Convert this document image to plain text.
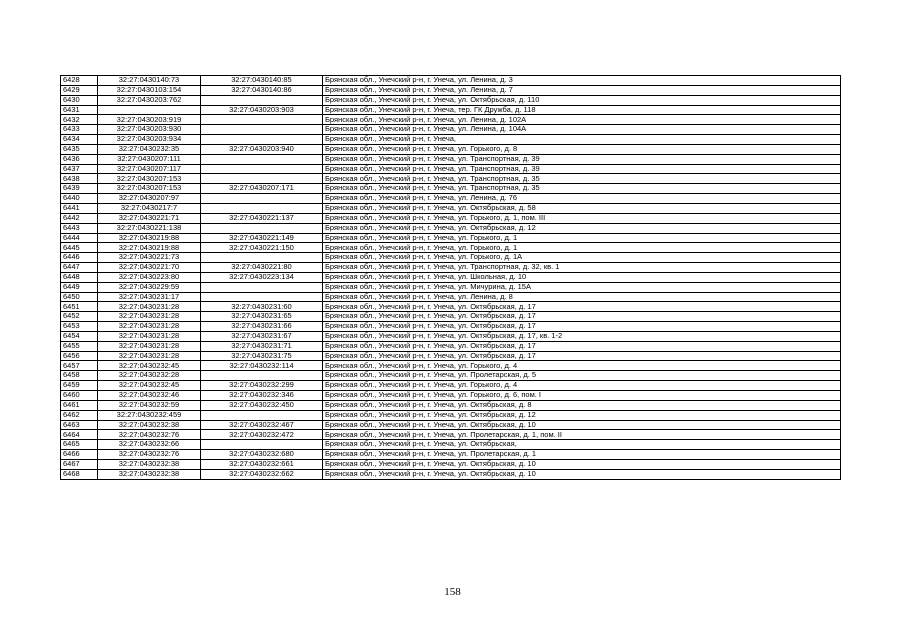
6428	32:27:0430140:73	32:27:0430140:85	Брянская обл., Унечский р-н, г. Унеча, ул. Ленина, д. 3
6429	32:27:0430103:154	32:27:0430140:86	Брянская обл., Унечский р-н, г. Унеча, ул. Ленина, д. 7
6430	32:27:0430203:762		Брянская обл., Унечский р-н, г. Унеча, ул. Октябрьская, д. 110
6431		32:27:0430203:903	Брянская обл., Унечский р-н, г. Унеча, тер. ГК Дружба, д. 118
6432	32:27:0430203:919		Брянская обл., Унечский р-н, г. Унеча, ул. Ленина, д. 102А
6433	32:27:0430203:930		Брянская обл., Унечский р-н, г. Унеча, ул. Ленина, д. 104А
6434	32:27:0430203:934		Брянская обл., Унечский р-н, г. Унеча,
6435	32:27:0430232:35	32:27:0430203:940	Брянская обл., Унечский р-н, г. Унеча, ул. Горького, д. 8
6436	32:27:0430207:111		Брянская обл., Унечский р-н, г. Унеча, ул. Транспортная, д. 39
6437	32:27:0430207:117		Брянская обл., Унечский р-н, г. Унеча, ул. Транспортная, д. 39
6438	32:27:0430207:153		Брянская обл., Унечский р-н, г. Унеча, ул. Транспортная, д. 35
6439	32:27:0430207:153	32:27:0430207:171	Брянская обл., Унечский р-н, г. Унеча, ул. Транспортная, д. 35
6440	32:27:0430207:97		Брянская обл., Унечский р-н, г. Унеча, ул. Ленина, д. 76
6441	32:27:0430217:7		Брянская обл., Унечский р-н, г. Унеча, ул. Октябрьская, д. 58
6442	32:27:0430221:71	32:27:0430221:137	Брянская обл., Унечский р-н, г. Унеча, ул. Горького, д. 1, пом. III
6443	32:27:0430221:138		Брянская обл., Унечский р-н, г. Унеча, ул. Октябрьская, д. 12
6444	32:27:0430219:88	32:27:0430221:149	Брянская обл., Унечский р-н, г. Унеча, ул. Горького, д. 1
6445	32:27:0430219:88	32:27:0430221:150	Брянская обл., Унечский р-н, г. Унеча, ул. Горького, д. 1
6446	32:27:0430221:73		Брянская обл., Унечский р-н, г. Унеча, ул. Горького, д. 1А
6447	32:27:0430221:70	32:27:0430221:80	Брянская обл., Унечский р-н, г. Унеча, ул. Транспортная, д. 32, кв. 1
6448	32:27:0430223:80	32:27:0430223:134	Брянская обл., Унечский р-н, г. Унеча, ул. Школьная, д. 10
6449	32:27:0430229:59		Брянская обл., Унечский р-н, г. Унеча, ул. Мичурина, д. 15А
6450	32:27:0430231:17		Брянская обл., Унечский р-н, г. Унеча, ул. Ленина, д. 8
6451	32:27:0430231:28	32:27:0430231:60	Брянская обл., Унечский р-н, г. Унеча, ул. Октябрьская, д. 17
6452	32:27:0430231:28	32:27:0430231:65	Брянская обл., Унечский р-н, г. Унеча, ул. Октябрьская, д. 17
6453	32:27:0430231:28	32:27:0430231:66	Брянская обл., Унечский р-н, г. Унеча, ул. Октябрьская, д. 17
6454	32:27:0430231:28	32:27:0430231:67	Брянская обл., Унечский р-н, г. Унеча, ул. Октябрьская, д. 17, кв. 1-2
6455	32:27:0430231:28	32:27:0430231:71	Брянская обл., Унечский р-н, г. Унеча, ул. Октябрьская, д. 17
6456	32:27:0430231:28	32:27:0430231:75	Брянская обл., Унечский р-н, г. Унеча, ул. Октябрьская, д. 17
6457	32:27:0430232:45	32:27:0430232:114	Брянская обл., Унечский р-н, г. Унеча, ул. Горького, д. 4
6458	32:27:0430232:28		Брянская обл., Унечский р-н, г. Унеча, ул. Пролетарская, д. 5
6459	32:27:0430232:45	32:27:0430232:299	Брянская обл., Унечский р-н, г. Унеча, ул. Горького, д. 4
6460	32:27:0430232:46	32:27:0430232:346	Брянская обл., Унечский р-н, г. Унеча, ул. Горького, д. 6, пом. I
6461	32:27:0430232:59	32:27:0430232:450	Брянская обл., Унечский р-н, г. Унеча, ул. Октябрьская, д. 8
6462	32:27:0430232:459		Брянская обл., Унечский р-н, г. Унеча, ул. Октябрьская, д. 12
6463	32:27:0430232:38	32:27:0430232:467	Брянская обл., Унечский р-н, г. Унеча, ул. Октябрьская, д. 10
6464	32:27:0430232:76	32:27:0430232:472	Брянская обл., Унечский р-н, г. Унеча, ул. Пролетарская, д. 1, пом. II
6465	32:27:0430232:66		Брянская обл., Унечский р-н, г. Унеча, ул. Октябрьская,
6466	32:27:0430232:76	32:27:0430232:680	Брянская обл., Унечский р-н, г. Унеча, ул. Пролетарская, д. 1
6467	32:27:0430232:38	32:27:0430232:661	Брянская обл., Унечский р-н, г. Унеча, ул. Октябрьская, д. 10
6468	32:27:0430232:38	32:27:0430232:662	Брянская обл., Унечский р-н, г. Унеча, ул. Октябрьская, д. 10
158
